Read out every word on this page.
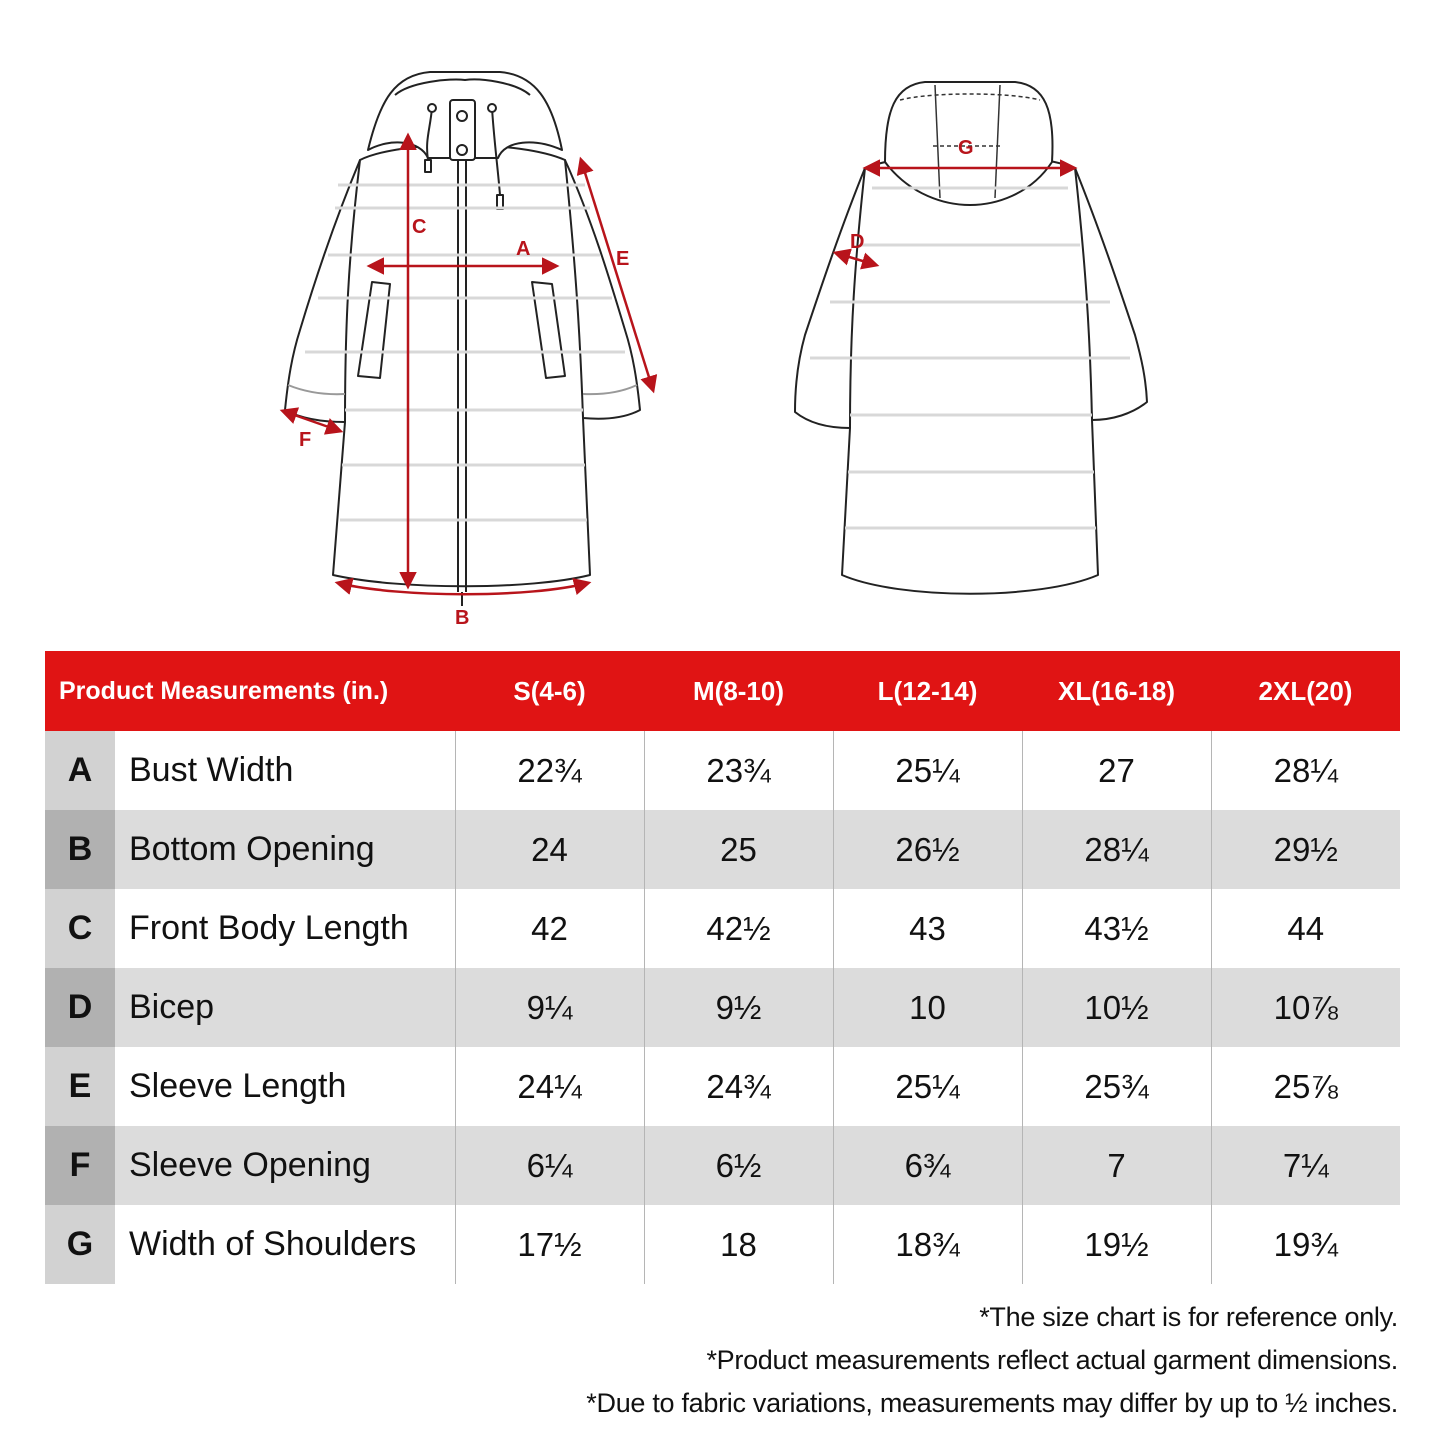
A
B
C
E
F
D
G
Product Measurements (in.)		S(4-6)	M(8-10)	L(12-14)	XL(16-18)	2XL(20)
A	Bust Width	22¾	23¾	25¼	27	28¼
B	Bottom Opening	24	25	26½	28¼	29½
C	Front Body Length	42	42½	43	43½	44
D	Bicep	9¼	9½	10	10½	10⅞
E	Sleeve Length	24¼	24¾	25¼	25¾	25⅞
F	Sleeve Opening	6¼	6½	6¾	7	7¼
G	Width of Shoulders	17½	18	18¾	19½	19¾
*The size chart is for reference only.
*Product measurements reflect actual garment dimensions.
*Due to fabric variations, measurements may differ by up to ½ inches.
